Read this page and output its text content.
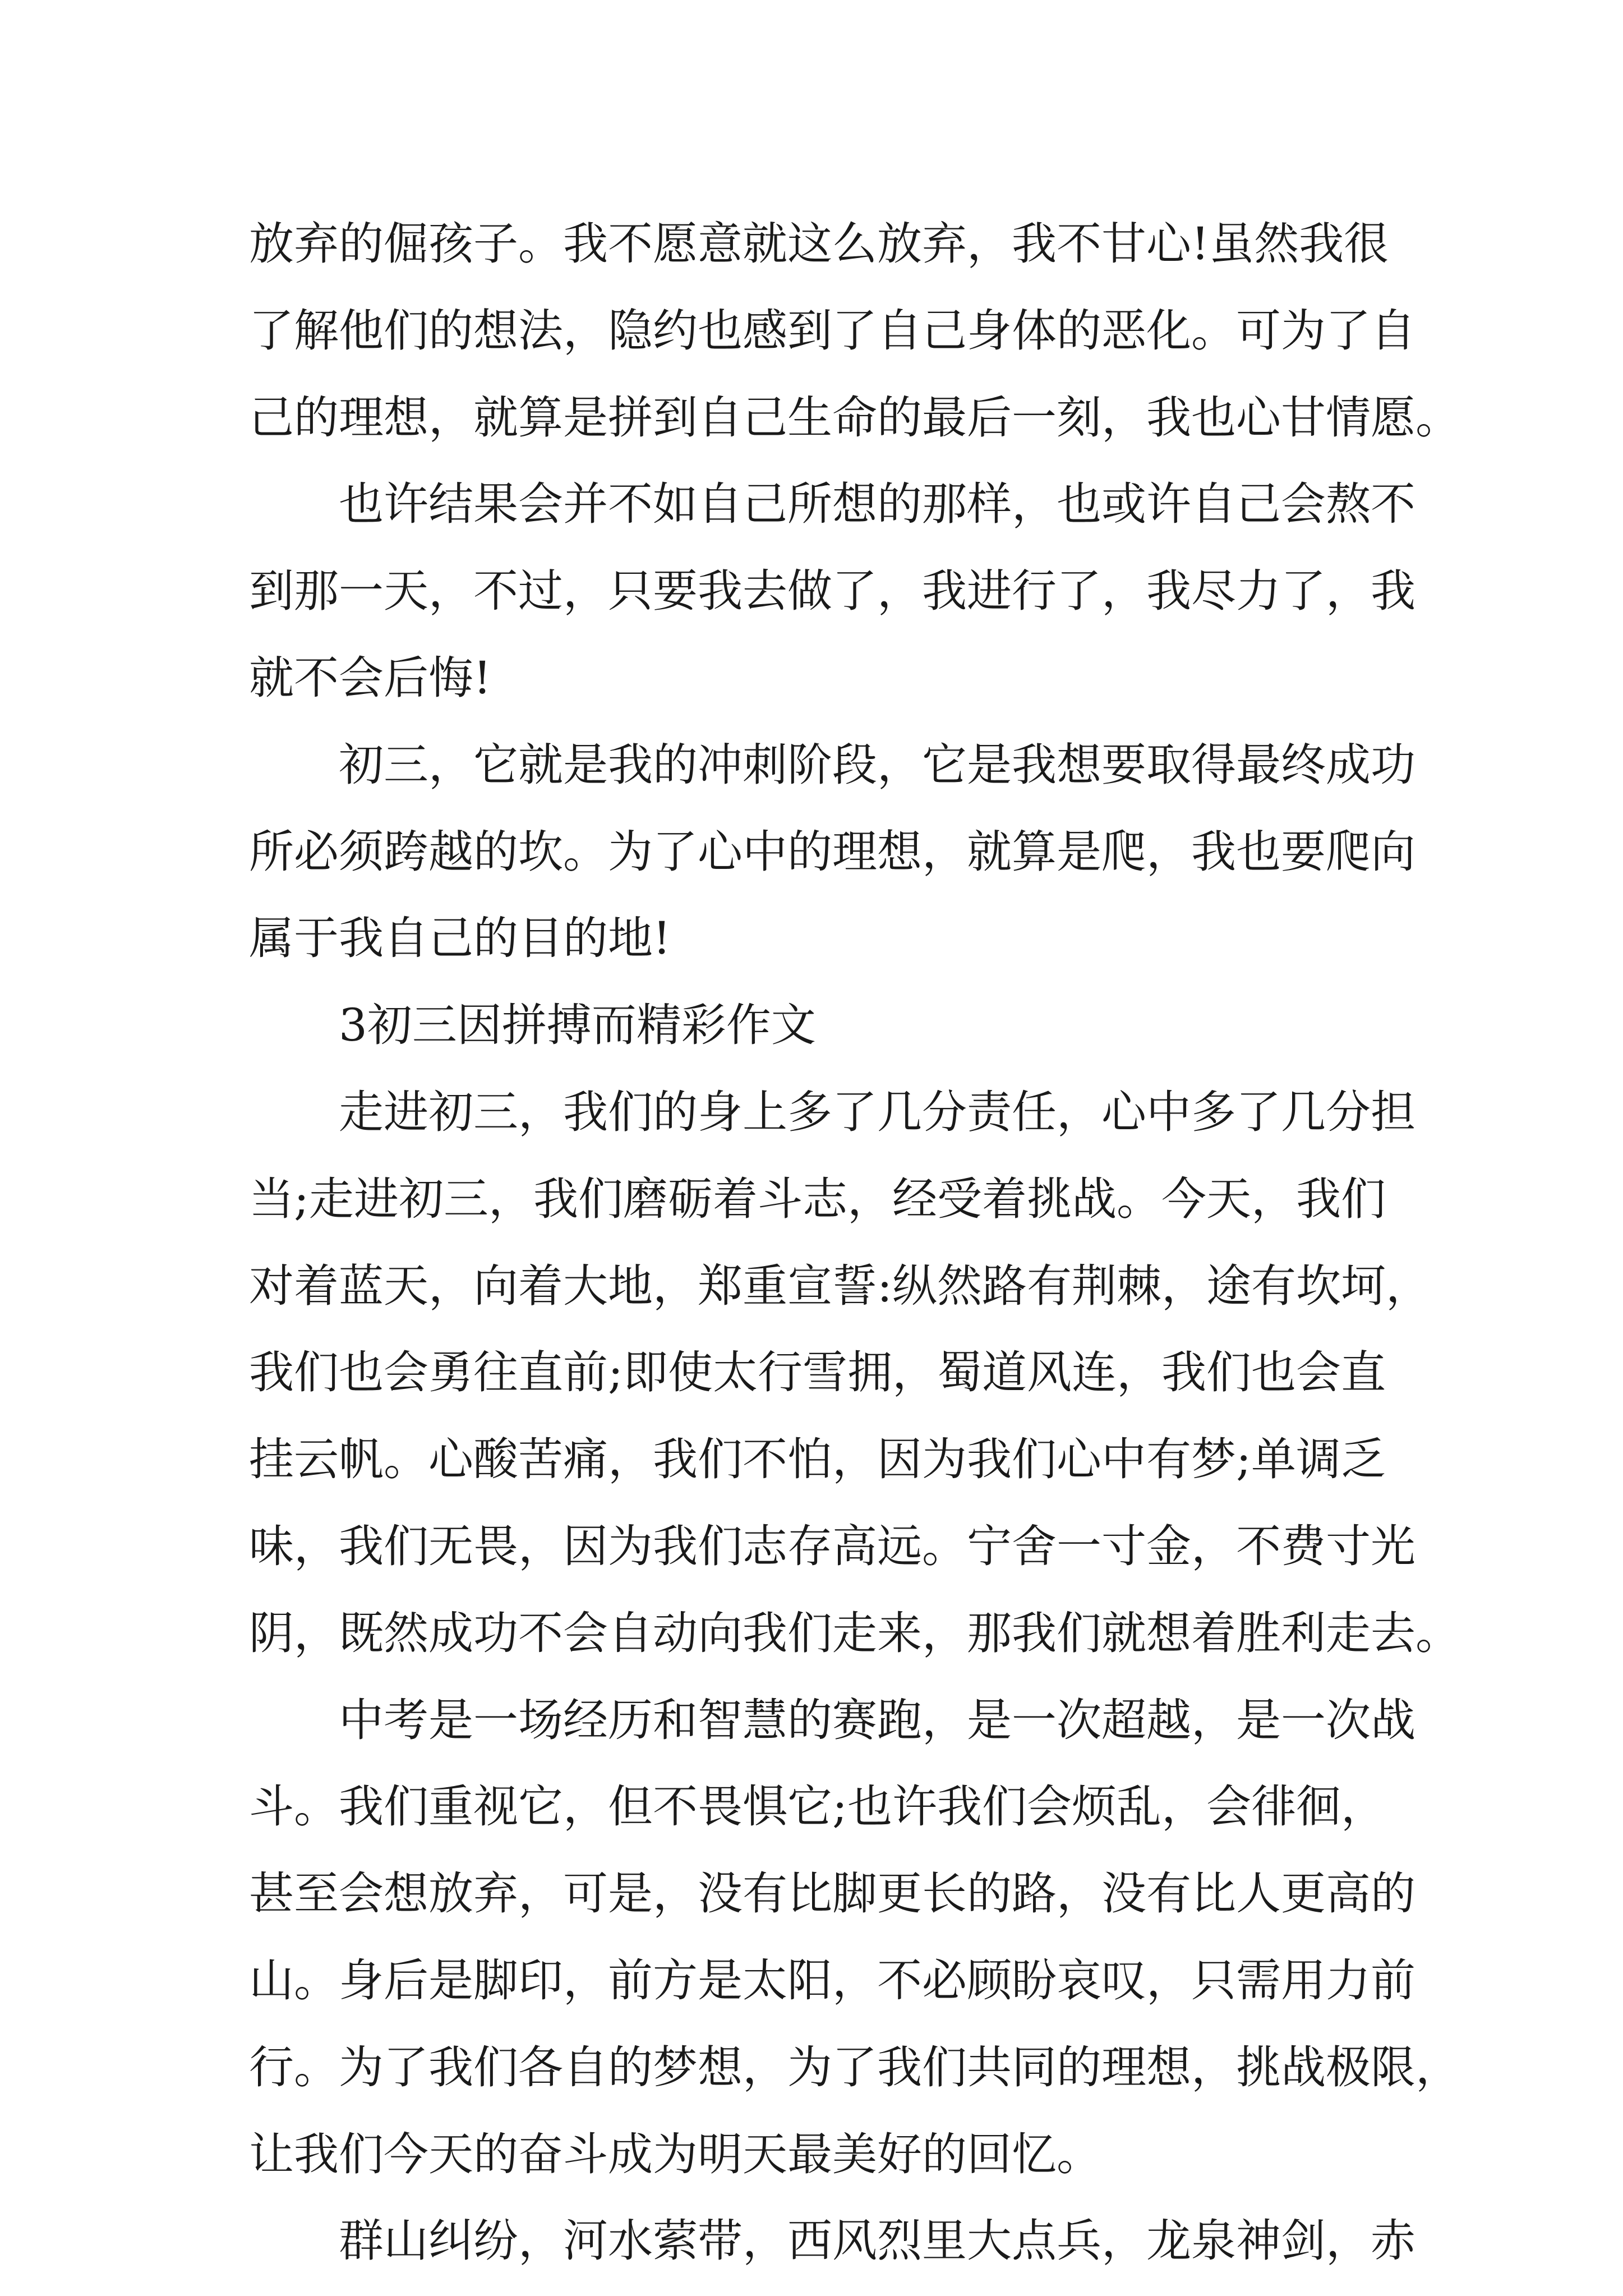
放弃的倔孩子。我不愿意就这么放弃，我不甘心!虽然我很
了解他们的想法，隐约也感到了自己身体的恶化。可为了自
己的理想，就算是拼到自己生命的最后一刻，我也心甘情愿。
也许结果会并不如自己所想的那样，也或许自己会熬不
到那一天，不过，只要我去做了，我进行了，我尽力了，我
就不会后悔!
初三，它就是我的冲刺阶段，它是我想要取得最终成功
所必须跨越的坎。为了心中的理想，就算是爬，我也要爬向
属于我自己的目的地!
3初三因拼搏而精彩作文
走进初三，我们的身上多了几分责任，心中多了几分担
当;走进初三，我们磨砺着斗志，经受着挑战。今天，我们
对着蓝天，向着大地，郑重宣誓:纵然路有荆棘，途有坎坷，
我们也会勇往直前;即使太行雪拥，蜀道风连，我们也会直
挂云帆。心酸苦痛，我们不怕，因为我们心中有梦;单调乏
味，我们无畏，因为我们志存高远。宁舍一寸金，不费寸光
阴，既然成功不会自动向我们走来，那我们就想着胜利走去。
中考是一场经历和智慧的赛跑，是一次超越，是一次战
斗。我们重视它，但不畏惧它;也许我们会烦乱，会徘徊，
甚至会想放弃，可是，没有比脚更长的路，没有比人更高的
山。身后是脚印，前方是太阳，不必顾盼哀叹，只需用力前
行。为了我们各自的梦想，为了我们共同的理想，挑战极限，
让我们今天的奋斗成为明天最美好的回忆。
群山纠纷，河水萦带，西风烈里大点兵，龙泉神剑，赤
